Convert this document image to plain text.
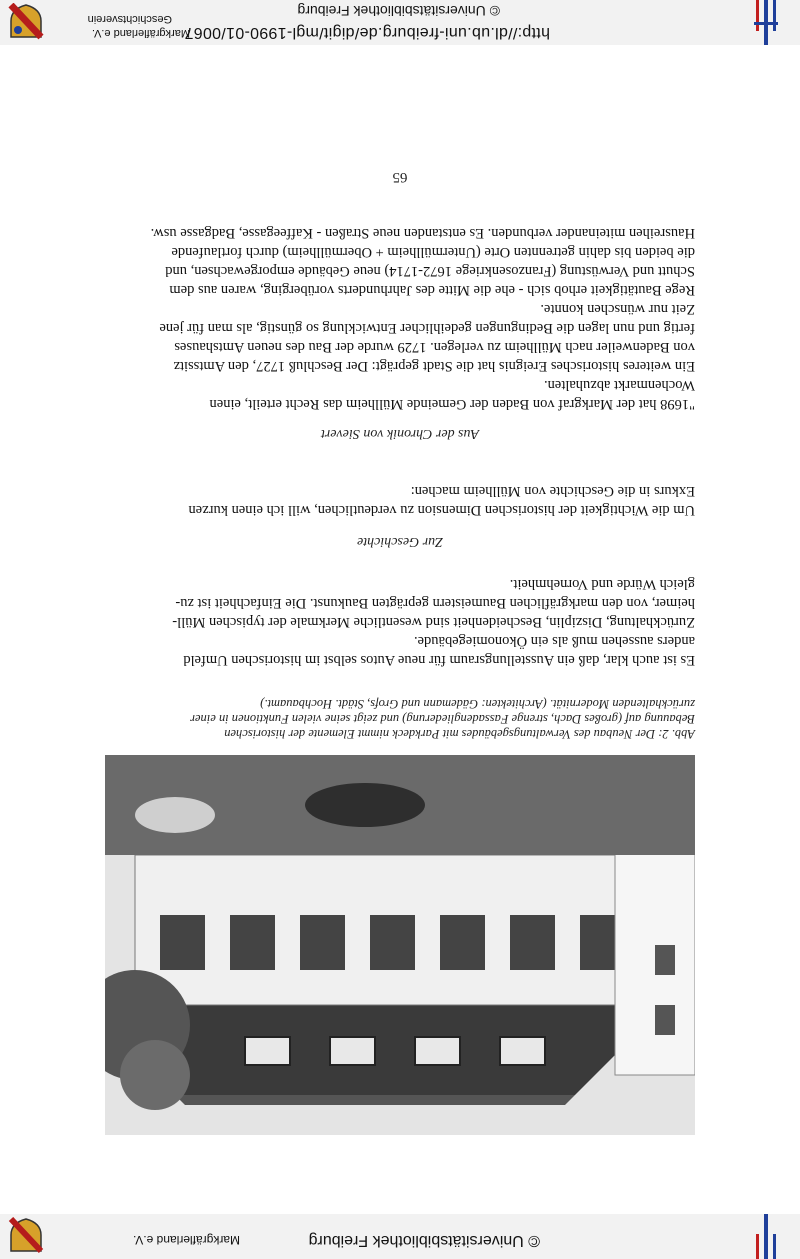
Markgräflerland e.V.	© Universitätsbibliothek Freiburg
http://dl.ub.uni-freiburg.de/digit/mgl-1990-01/0067
© Universitätsbibliothek Freiburg
Markgräflerland e.V.
Geschichtsverein

Abb. 2: Der Neubau des Verwaltungsgebäudes mit Parkdeck nimmt Elemente der historischen

Bebauung auf (großes Dach, strenge Fassadengliederung) und zeigt seine vielen Funktionen in einer

zurückhaltenden Modernität. (Architekten: Gädemann und Grofs, Städt. Hochbauamt.)

Es ist auch klar, daß ein Ausstellungsraum für neue Autos selbst im historischen Umfeld
anders aussehen muß als ein Ökonomiegebäude.
Zurückhaltung, Disziplin, Bescheidenheit sind wesentliche Merkmale der typischen Müll-
heimer, von den markgräflichen Baumeistern geprägten Baukunst. Die Einfachheit ist zu-
gleich Würde und Vornehmheit.
Zur Geschichte
Um die Wichtigkeit der historischen Dimension zu verdeutlichen, will ich einen kurzen
Exkurs in die Geschichte von Müllheim machen:
Aus der Chronik von Sievert
"1698 hat der Markgraf von Baden der Gemeinde Müllheim das Recht erteilt, einen
Wochenmarkt abzuhalten.
Ein weiteres historisches Ereignis hat die Stadt geprägt: Der Beschluß 1727, den Amtssitz
von Badenweiler nach Müllheim zu verlegen. 1729 wurde der Bau des neuen Amtshauses
fertig und nun lagen die Bedingungen gedeihlicher Entwicklung so günstig, als man für jene
Zeit nur wünschen konnte.
Rege Bautätigkeit erhob sich - ehe die Mitte des Jahrhunderts vorüberging, waren aus dem
Schutt und Verwüstung (Franzosenkriege 1672-1714) neue Gebäude emporgewachsen, und
die beiden bis dahin getrennten Orte (Untermüllheim + Obermüllheim) durch fortlaufende
Hausreihen miteinander verbunden. Es entstanden neue Straßen - Kaffeegasse, Badgasse usw.
65
